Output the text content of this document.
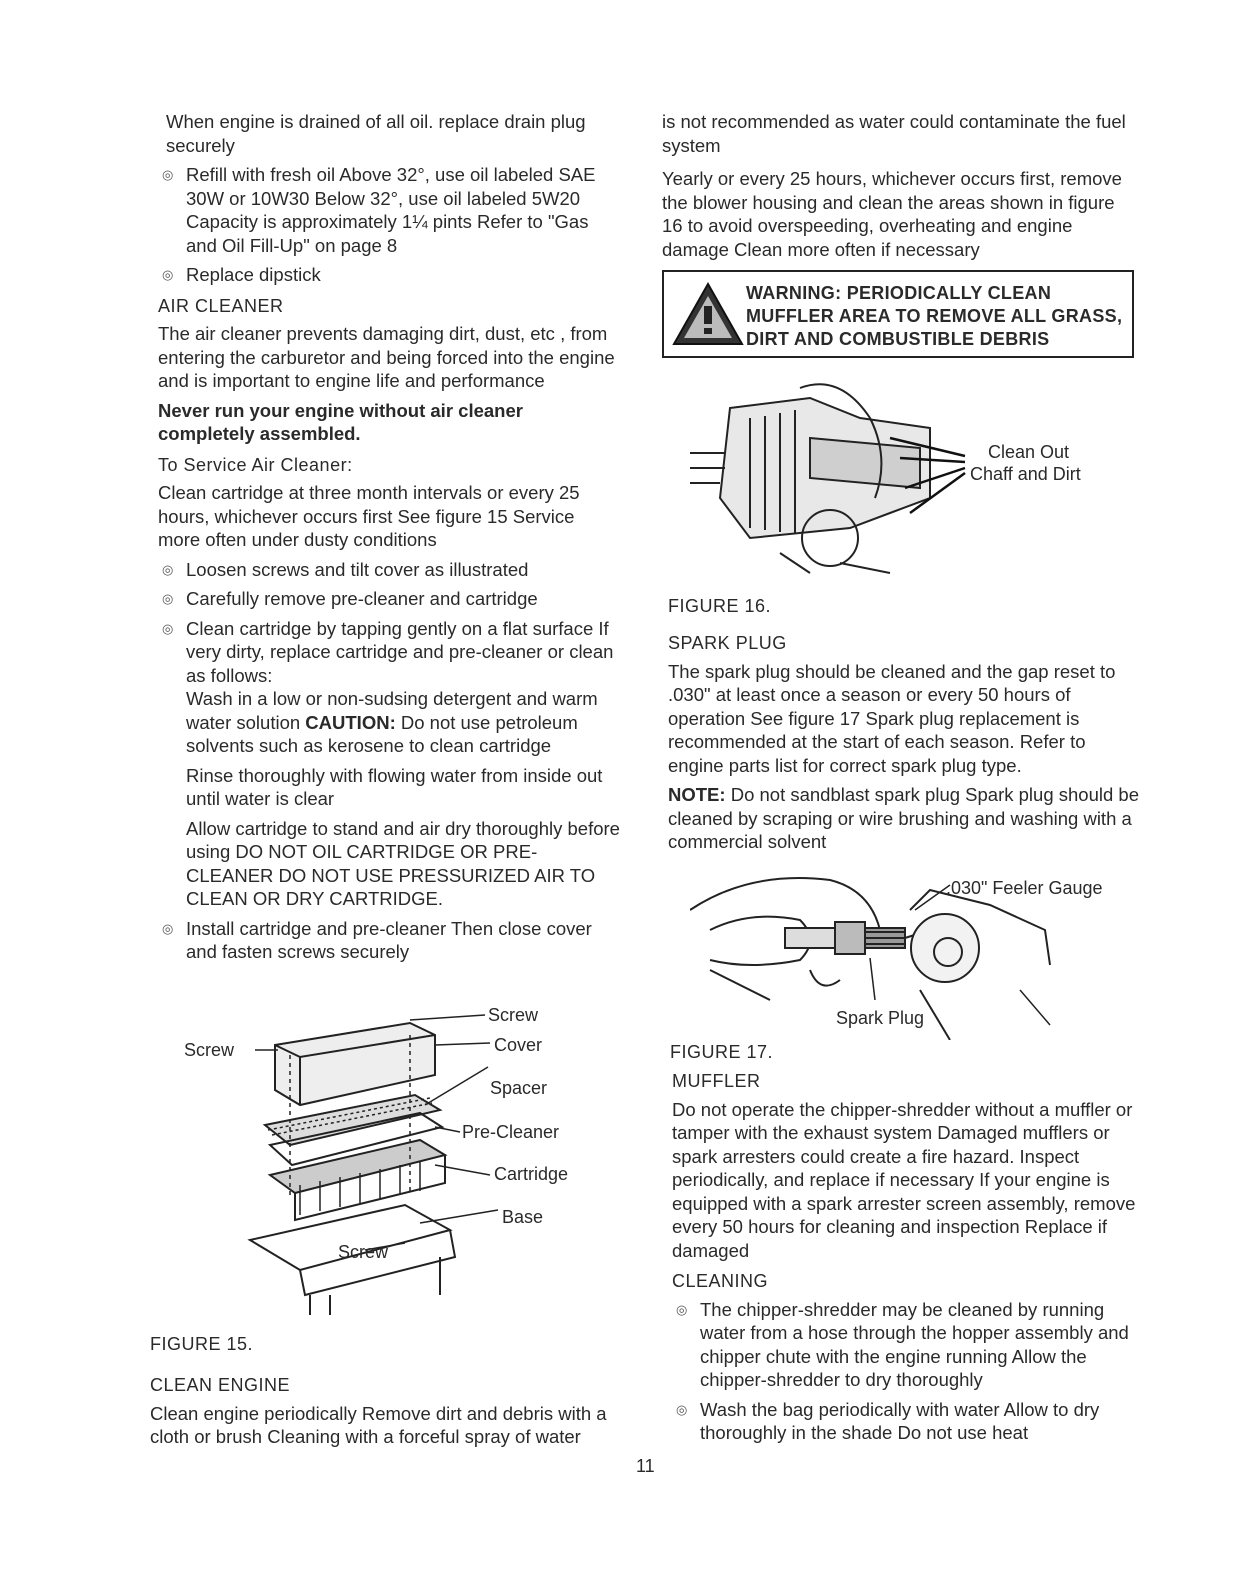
When engine is drained of all oil. replace drain plug securely

◎ Refill with fresh oil Above 32°, use oil labeled SAE 30W or 10W30 Below 32°, use oil labeled 5W20 Capacity is approximately 1¼ pints Refer to "Gas and Oil Fill-Up" on page 8

◎ Replace dipstick

AIR CLEANER

The air cleaner prevents damaging dirt, dust, etc , from entering the carburetor and being forced into the engine and is important to engine life and performance

Never run your engine without air cleaner completely assembled.

To Service Air Cleaner:

Clean cartridge at three month intervals or every 25 hours, whichever occurs first See figure 15 Service more often under dusty conditions

◎ Loosen screws and tilt cover as illustrated

◎ Carefully remove pre-cleaner and cartridge

◎ Clean cartridge by tapping gently on a flat surface If very dirty, replace cartridge and pre-cleaner or clean as follows:

Wash in a low or non-sudsing detergent and warm water solution CAUTION: Do not use petroleum solvents such as kerosene to clean cartridge

Rinse thoroughly with flowing water from inside out until water is clear

Allow cartridge to stand and air dry thoroughly before using DO NOT OIL CARTRIDGE OR PRE-CLEANER DO NOT USE PRESSURIZED AIR TO CLEAN OR DRY CARTRIDGE.

◎ Install cartridge and pre-cleaner Then close cover and fasten screws securely

Screw
Screw	Cover
Spacer
Pre-Cleaner
Cartridge
Base
Screw
FIGURE 15.
CLEAN ENGINE

Clean engine periodically Remove dirt and debris with a cloth or brush Cleaning with a forceful spray of water

is not recommended as water could contaminate the fuel system

Yearly or every 25 hours, whichever occurs first, remove the blower housing and clean the areas shown in figure 16 to avoid overspeeding, overheating and engine damage Clean more often if necessary

WARNING: PERIODICALLY CLEAN MUFFLER AREA TO REMOVE ALL GRASS, DIRT AND COMBUSTIBLE DEBRIS
Clean Out
Chaff and Dirt
FIGURE 16.
SPARK PLUG

The spark plug should be cleaned and the gap reset to .030" at least once a season or every 50 hours of operation See figure 17 Spark plug replacement is recommended at the start of each season. Refer to engine parts list for correct spark plug type.

NOTE: Do not sandblast spark plug Spark plug should be cleaned by scraping or wire brushing and washing with a commercial solvent

.030" Feeler Gauge
Spark Plug
FIGURE 17.
MUFFLER

Do not operate the chipper-shredder without a muffler or tamper with the exhaust system Damaged mufflers or spark arresters could create a fire hazard. Inspect periodically, and replace if necessary If your engine is equipped with a spark arrester screen assembly, remove every 50 hours for cleaning and inspection Replace if damaged

CLEANING

◎ The chipper-shredder may be cleaned by running water from a hose through the hopper assembly and chipper chute with the engine running Allow the chipper-shredder to dry thoroughly

◎ Wash the bag periodically with water Allow to dry thoroughly in the shade Do not use heat

11
